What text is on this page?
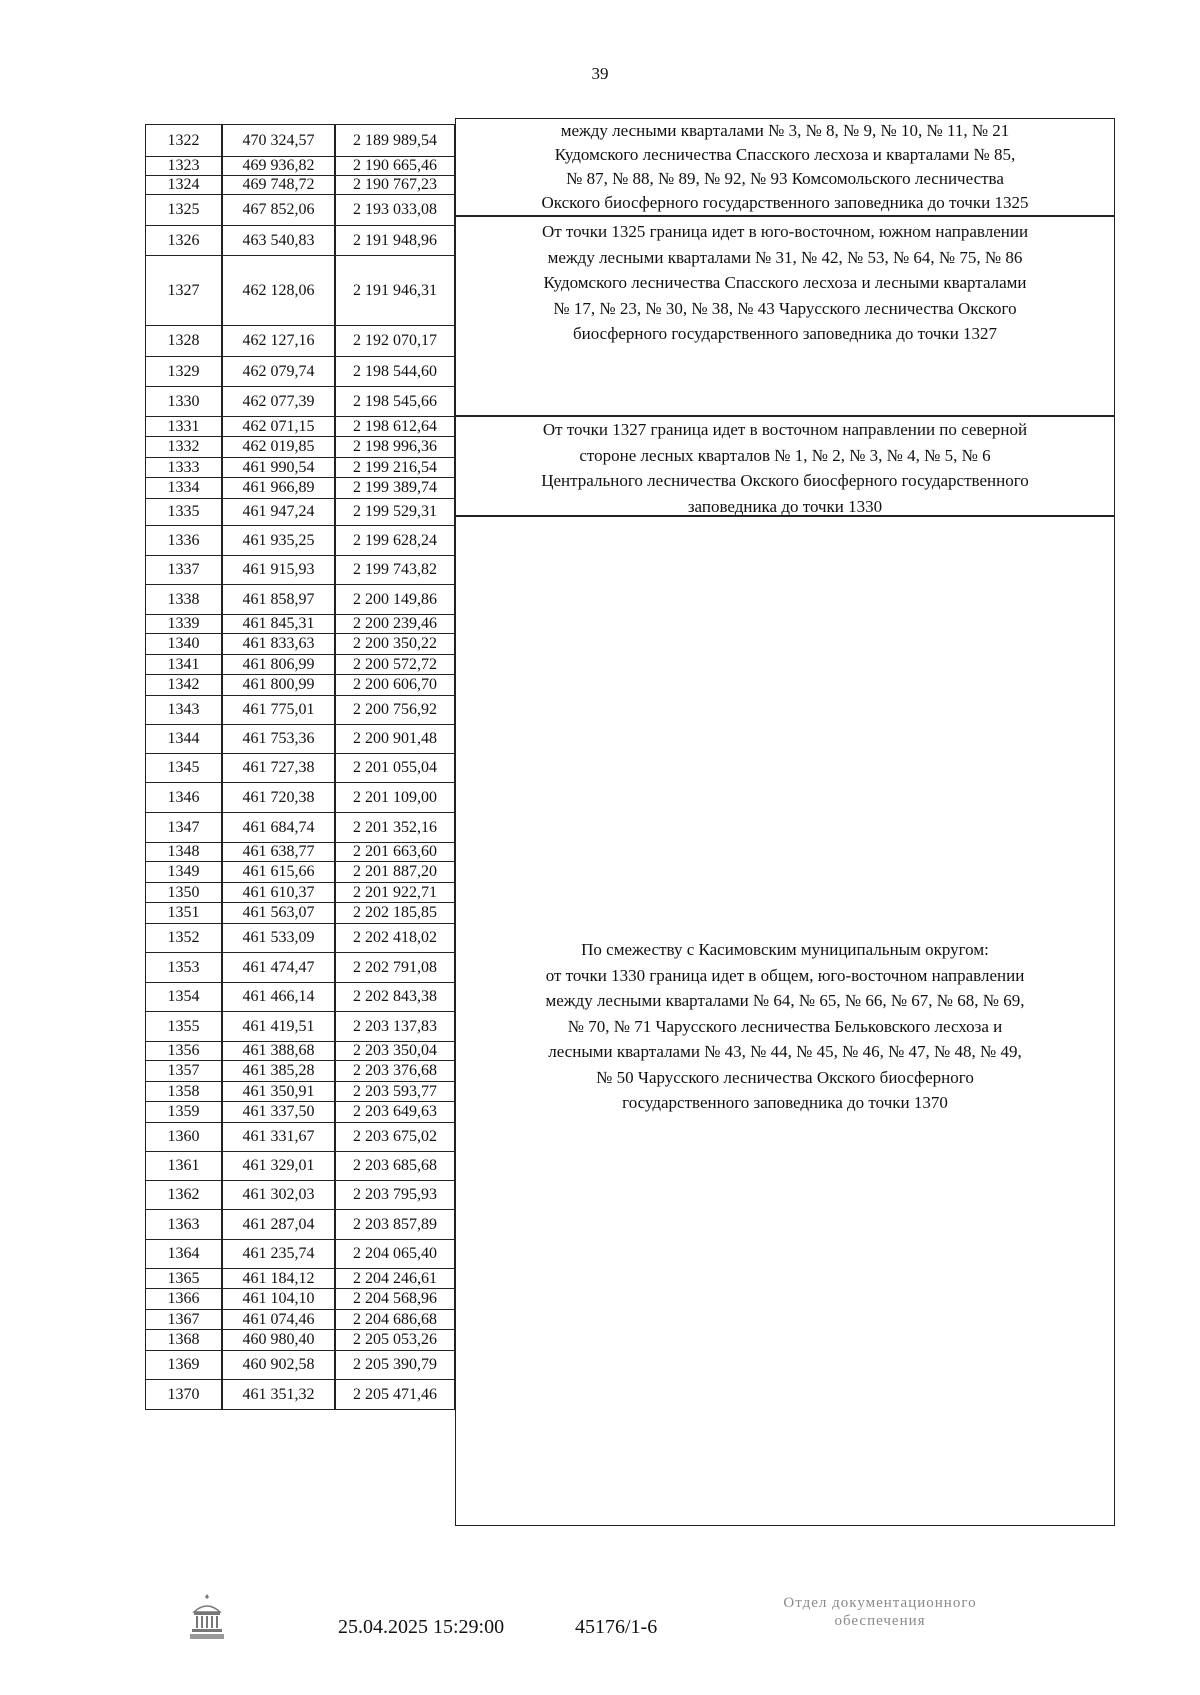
39
1322	470 324,57	2 189 989,54
1323	469 936,82	2 190 665,46
1324	469 748,72	2 190 767,23
1325	467 852,06	2 193 033,08
1326	463 540,83	2 191 948,96
1327	462 128,06	2 191 946,31
1328	462 127,16	2 192 070,17
1329	462 079,74	2 198 544,60
1330	462 077,39	2 198 545,66
1331	462 071,15	2 198 612,64
1332	462 019,85	2 198 996,36
1333	461 990,54	2 199 216,54
1334	461 966,89	2 199 389,74
1335	461 947,24	2 199 529,31
1336	461 935,25	2 199 628,24
1337	461 915,93	2 199 743,82
1338	461 858,97	2 200 149,86
1339	461 845,31	2 200 239,46
1340	461 833,63	2 200 350,22
1341	461 806,99	2 200 572,72
1342	461 800,99	2 200 606,70
1343	461 775,01	2 200 756,92
1344	461 753,36	2 200 901,48
1345	461 727,38	2 201 055,04
1346	461 720,38	2 201 109,00
1347	461 684,74	2 201 352,16
1348	461 638,77	2 201 663,60
1349	461 615,66	2 201 887,20
1350	461 610,37	2 201 922,71
1351	461 563,07	2 202 185,85
1352	461 533,09	2 202 418,02
1353	461 474,47	2 202 791,08
1354	461 466,14	2 202 843,38
1355	461 419,51	2 203 137,83
1356	461 388,68	2 203 350,04
1357	461 385,28	2 203 376,68
1358	461 350,91	2 203 593,77
1359	461 337,50	2 203 649,63
1360	461 331,67	2 203 675,02
1361	461 329,01	2 203 685,68
1362	461 302,03	2 203 795,93
1363	461 287,04	2 203 857,89
1364	461 235,74	2 204 065,40
1365	461 184,12	2 204 246,61
1366	461 104,10	2 204 568,96
1367	461 074,46	2 204 686,68
1368	460 980,40	2 205 053,26
1369	460 902,58	2 205 390,79
1370	461 351,32	2 205 471,46
между лесными кварталами № 3, № 8, № 9, № 10, № 11, № 21
Кудомского лесничества Спасского лесхоза и кварталами № 85,
№ 87, № 88, № 89, № 92, № 93 Комсомольского лесничества
Окского биосферного государственного заповедника до точки 1325
От точки 1325 граница идет в юго-восточном, южном направлении
между лесными кварталами № 31, № 42, № 53, № 64, № 75, № 86
Кудомского лесничества Спасского лесхоза и лесными кварталами
№ 17, № 23, № 30, № 38, № 43 Чарусского лесничества Окского
биосферного государственного заповедника до точки 1327
От точки 1327 граница идет в восточном направлении по северной
стороне лесных кварталов № 1, № 2, № 3, № 4, № 5, № 6
Центрального лесничества Окского биосферного государственного
заповедника до точки 1330
По смежеству с Касимовским муниципальным округом:
от точки 1330 граница идет в общем, юго-восточном направлении
между лесными кварталами № 64, № 65, № 66, № 67, № 68, № 69,
№ 70, № 71 Чарусского лесничества Бельковского лесхоза и
лесными кварталами № 43, № 44, № 45, № 46, № 47, № 48, № 49,
№ 50 Чарусского лесничества Окского биосферного
государственного заповедника до точки 1370
25.04.2025 15:29:00	45176/1-6
Отдел документационного
обеспечения
